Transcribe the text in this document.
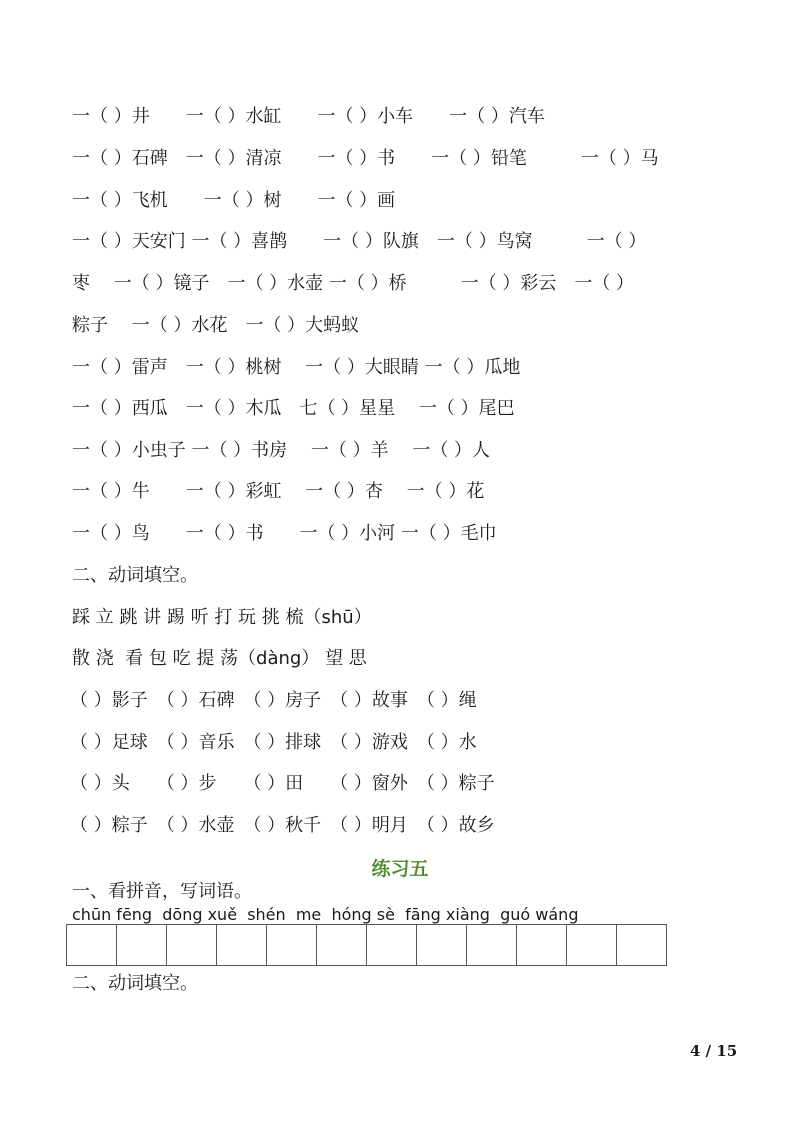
一（ ）井　　一（ ）水缸　　一（ ）小车　　一（ ）汽车
一（ ）石碑　一（ ）清凉　　一（ ）书　　一（ ）铅笔　　　一（ ）马
一（ ）飞机　　一（ ）树　　一（ ）画
一（ ）天安门 一（ ）喜鹊　　一（ ）队旗　一（ ）鸟窝　　　一（ ）
枣　 一（ ）镜子　一（ ）水壶 一（ ）桥　　　一（ ）彩云　一（ ）
粽子　 一（ ）水花　一（ ）大蚂蚁
一（ ）雷声　一（ ）桃树　 一（ ）大眼睛 一（ ）瓜地
一（ ）西瓜　一（ ）木瓜　七（ ）星星　 一（ ）尾巴
一（ ）小虫子 一（ ）书房　 一（ ）羊　 一（ ）人
一（ ）牛　　一（ ）彩虹　 一（ ）杏　 一（ ）花
一（ ）鸟　　一（ ）书　　一（ ）小河 一（ ）毛巾
二、动词填空。
踩 立 跳 讲 踢 听 打 玩 挑 梳（shū）
散 浇  看 包 吃 提 荡（dàng） 望 思
（ ）影子　（ ）石碑　（ ）房子　（ ）故事　（ ）绳
（ ）足球　（ ）音乐　（ ）排球　（ ）游戏　（ ）水
（ ）头　　（ ）步　　（ ）田　　（ ）窗外　（ ）粽子
（ ）粽子　（ ）水壶　（ ）秋千　（ ）明月　（ ）故乡
练习五
一、看拼音，写词语。
chūn fēng  dōng xuě  shén  me  hóng sè  fāng xiàng  guó wáng
二、动词填空。
4 / 15
